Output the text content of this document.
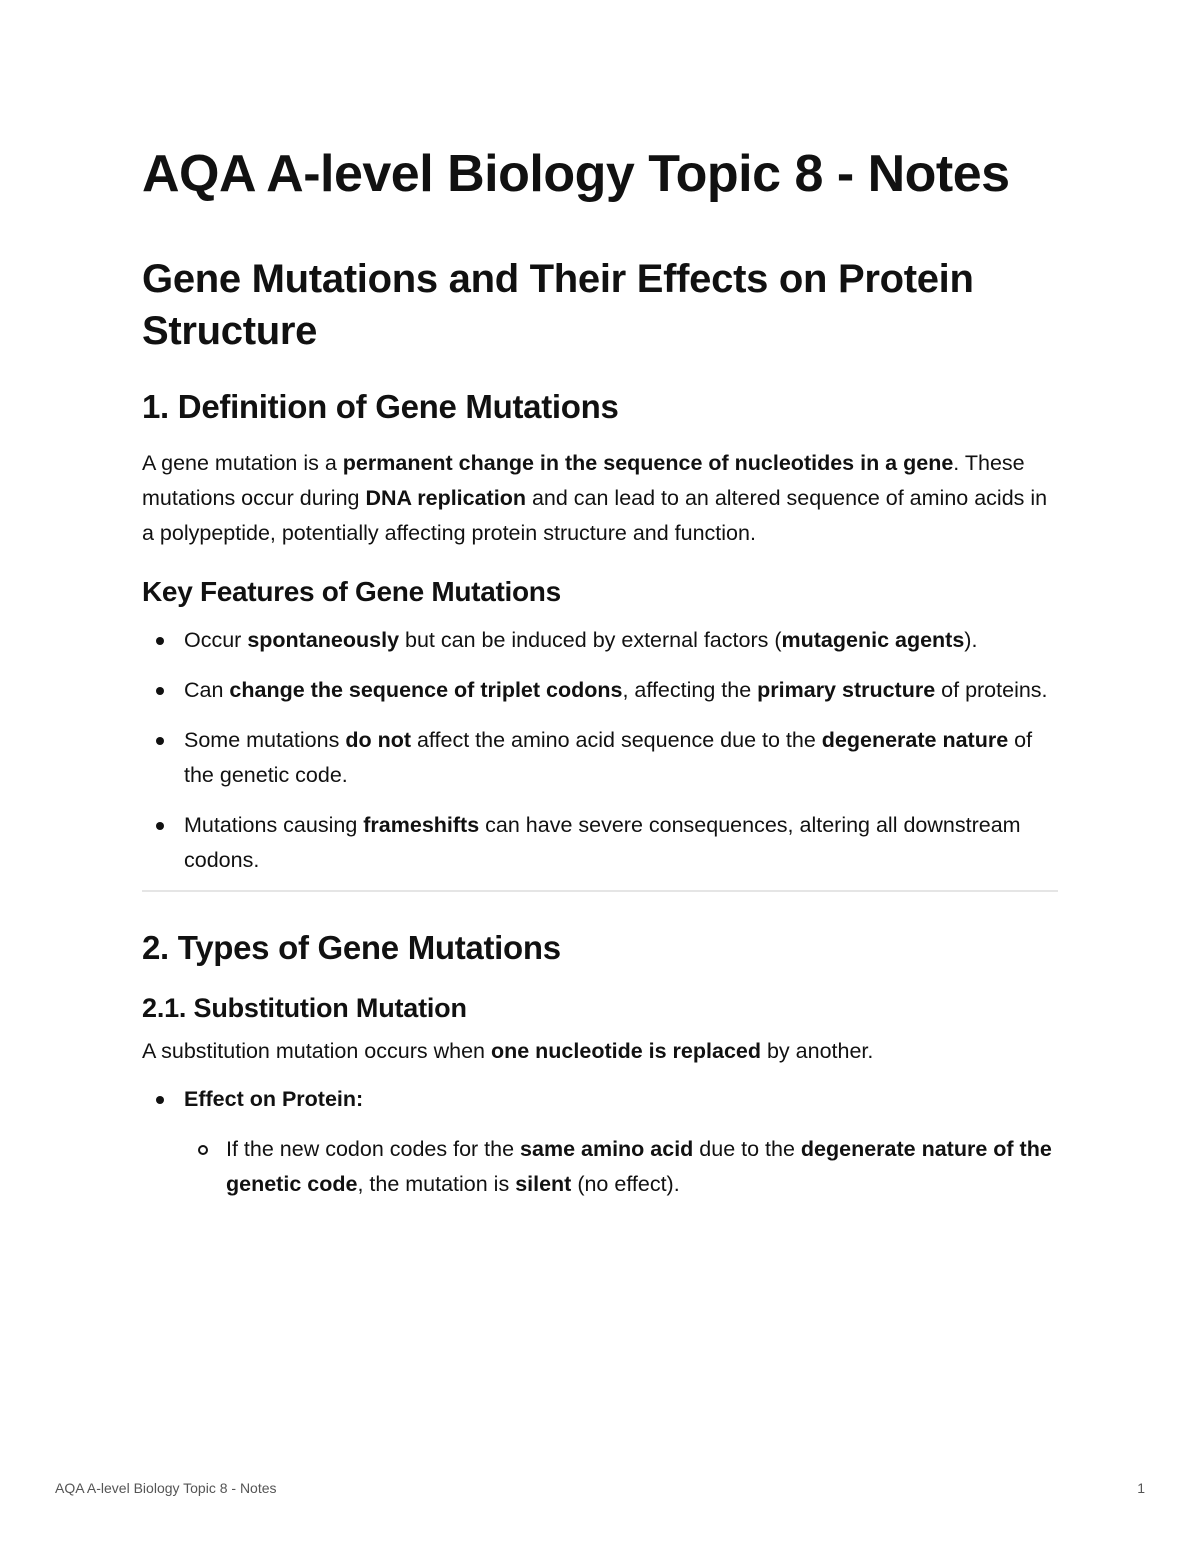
AQA A-level Biology Topic 8 - Notes
Gene Mutations and Their Effects on Protein Structure
1. Definition of Gene Mutations

A gene mutation is a permanent change in the sequence of nucleotides in a gene. These mutations occur during DNA replication and can lead to an altered sequence of amino acids in a polypeptide, potentially affecting protein structure and function.

Key Features of Gene Mutations
Occur spontaneously but can be induced by external factors (mutagenic agents).
Can change the sequence of triplet codons, affecting the primary structure of proteins.
Some mutations do not affect the amino acid sequence due to the degenerate nature of the genetic code.
Mutations causing frameshifts can have severe consequences, altering all downstream codons.
2. Types of Gene Mutations
2.1. Substitution Mutation

A substitution mutation occurs when one nucleotide is replaced by another.

Effect on Protein:
If the new codon codes for the same amino acid due to the degenerate nature of the genetic code, the mutation is silent (no effect).
AQA A-level Biology Topic 8 - Notes	1
